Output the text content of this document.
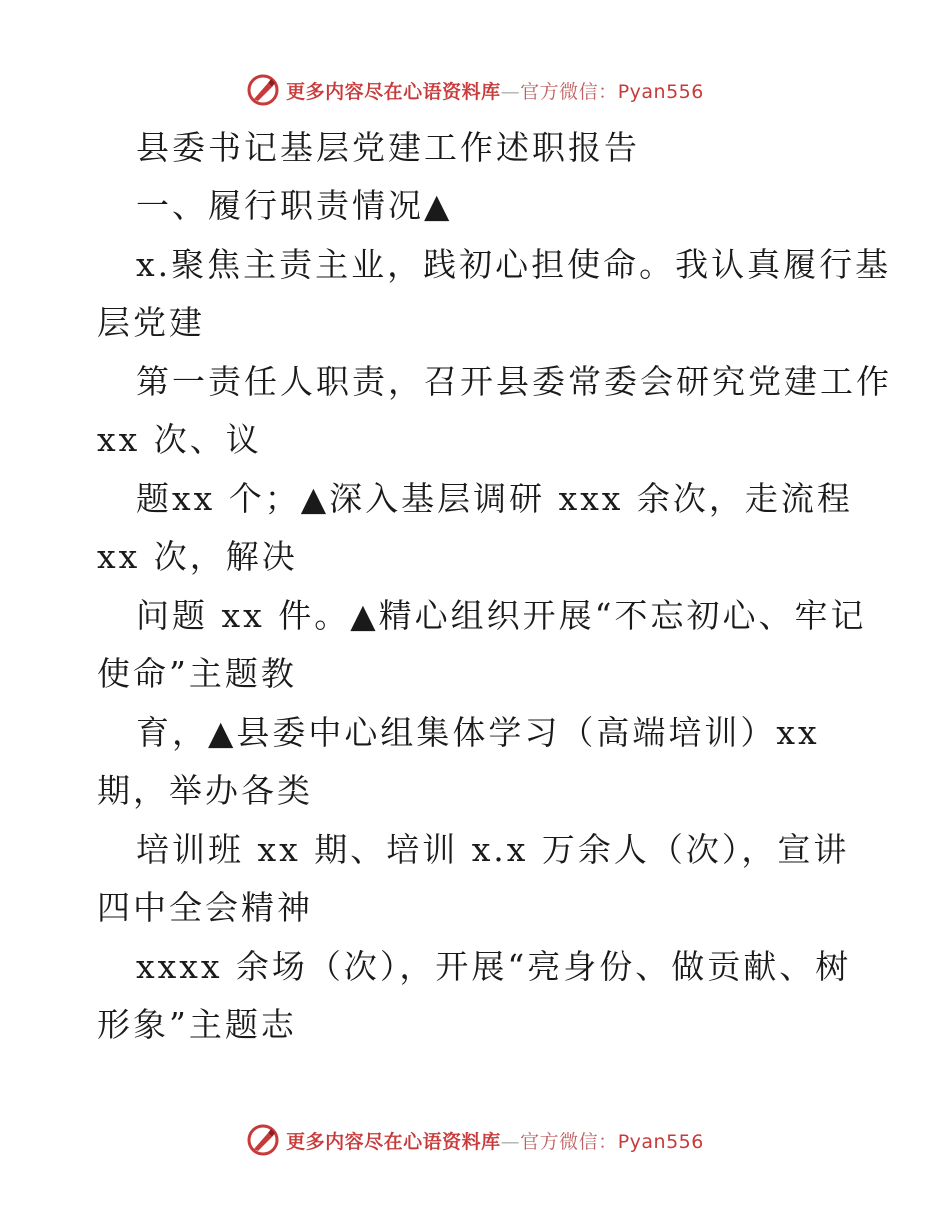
更多内容尽在心语资料库—官方微信：Pyan556
县委书记基层党建工作述职报告
一、履行职责情况▲
x.聚焦主责主业，践初心担使命。我认真履行基
层党建
第一责任人职责，召开县委常委会研究党建工作
xx 次、议
题xx 个；▲深入基层调研 xxx 余次，走流程
xx 次，解决
问题 xx 件。▲精心组织开展“不忘初心、牢记
使命”主题教
育，▲县委中心组集体学习（高端培训）xx
期，举办各类
培训班 xx 期、培训 x.x 万余人（次），宣讲
四中全会精神
xxxx 余场（次），开展“亮身份、做贡献、树
形象”主题志
更多内容尽在心语资料库—官方微信：Pyan556
